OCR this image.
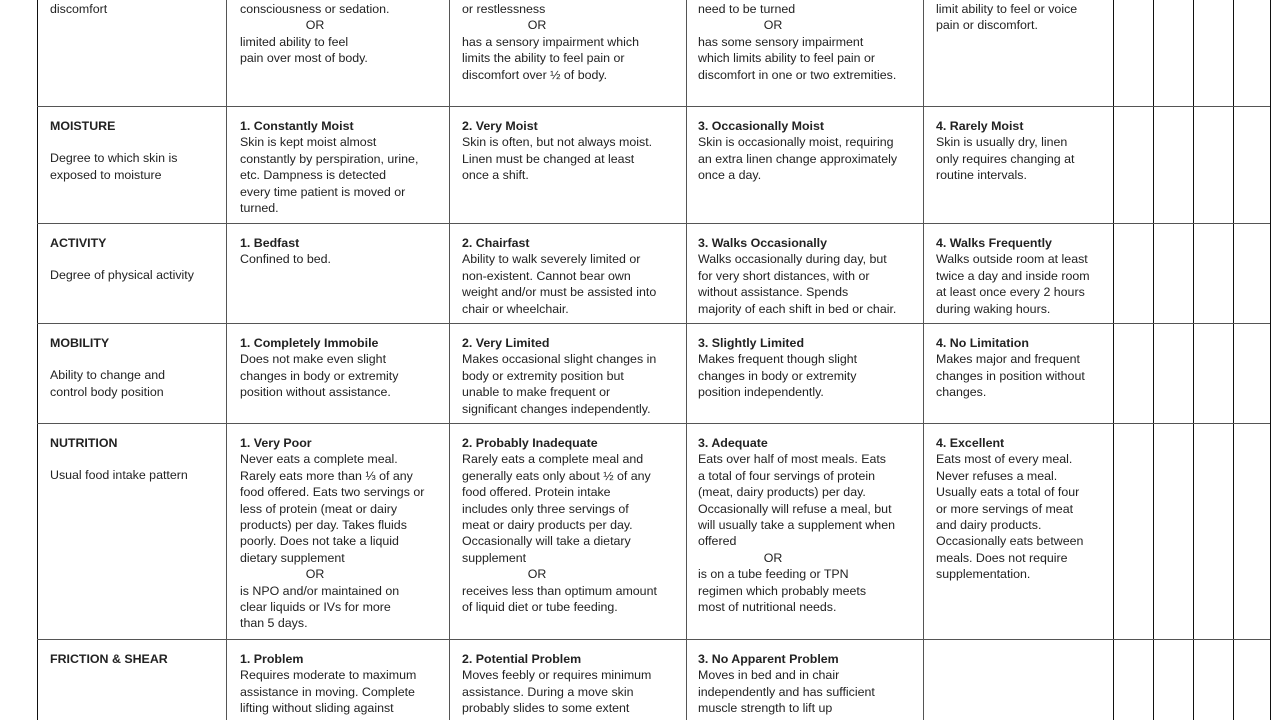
discomfort	consciousness or sedation.

OR

limited ability to feel

pain over most of body.

or restlessness

OR

has a sensory impairment which

limits the ability to feel pain or

discomfort over ½ of body.

need to be turned

OR

has some sensory impairment

which limits ability to feel pain or

discomfort in one or two extremities.

limit ability to feel or voice

pain or discomfort.

MOISTURE

Degree to which skin is

exposed to moisture

1. Constantly Moist

Skin is kept moist almost

constantly by perspiration, urine,

etc. Dampness is detected

every time patient is moved or

turned.

2. Very Moist

Skin is often, but not always moist.

Linen must be changed at least

once a shift.

3. Occasionally Moist

Skin is occasionally moist, requiring

an extra linen change approximately

once a day.

4. Rarely Moist

Skin is usually dry, linen

only requires changing at

routine intervals.

ACTIVITY

Degree of physical activity

1. Bedfast

Confined to bed.

2. Chairfast

Ability to walk severely limited or

non-existent. Cannot bear own

weight and/or must be assisted into

chair or wheelchair.

3. Walks Occasionally

Walks occasionally during day, but

for very short distances, with or

without assistance. Spends

majority of each shift in bed or chair.

4. Walks Frequently

Walks outside room at least

twice a day and inside room

at least once every 2 hours

during waking hours.

MOBILITY

Ability to change and

control body position

1. Completely Immobile

Does not make even slight

changes in body or extremity

position without assistance.

2. Very Limited

Makes occasional slight changes in

body or extremity position but

unable to make frequent or

significant changes independently.

3. Slightly Limited

Makes frequent though slight

changes in body or extremity

position independently.

4. No Limitation

Makes major and frequent

changes in position without

changes.

NUTRITION

Usual food intake pattern

1. Very Poor

Never eats a complete meal.

Rarely eats more than ⅓ of any

food offered. Eats two servings or

less of protein (meat or dairy

products) per day. Takes fluids

poorly. Does not take a liquid

dietary supplement

OR

is NPO and/or maintained on

clear liquids or IVs for more

than 5 days.

2. Probably Inadequate

Rarely eats a complete meal and

generally eats only about ½ of any

food offered. Protein intake

includes only three servings of

meat or dairy products per day.

Occasionally will take a dietary

supplement

OR

receives less than optimum amount

of liquid diet or tube feeding.

3. Adequate

Eats over half of most meals. Eats

a total of four servings of protein

(meat, dairy products) per day.

Occasionally will refuse a meal, but

will usually take a supplement when

offered

OR

is on a tube feeding or TPN

regimen which probably meets

most of nutritional needs.

4. Excellent

Eats most of every meal.

Never refuses a meal.

Usually eats a total of four

or more servings of meat

and dairy products.

Occasionally eats between

meals. Does not require

supplementation.

FRICTION & SHEAR	1. Problem

Requires moderate to maximum

assistance in moving. Complete

lifting without sliding against

2. Potential Problem

Moves feebly or requires minimum

assistance. During a move skin

probably slides to some extent

3. No Apparent Problem

Moves in bed and in chair

independently and has sufficient

muscle strength to lift up
